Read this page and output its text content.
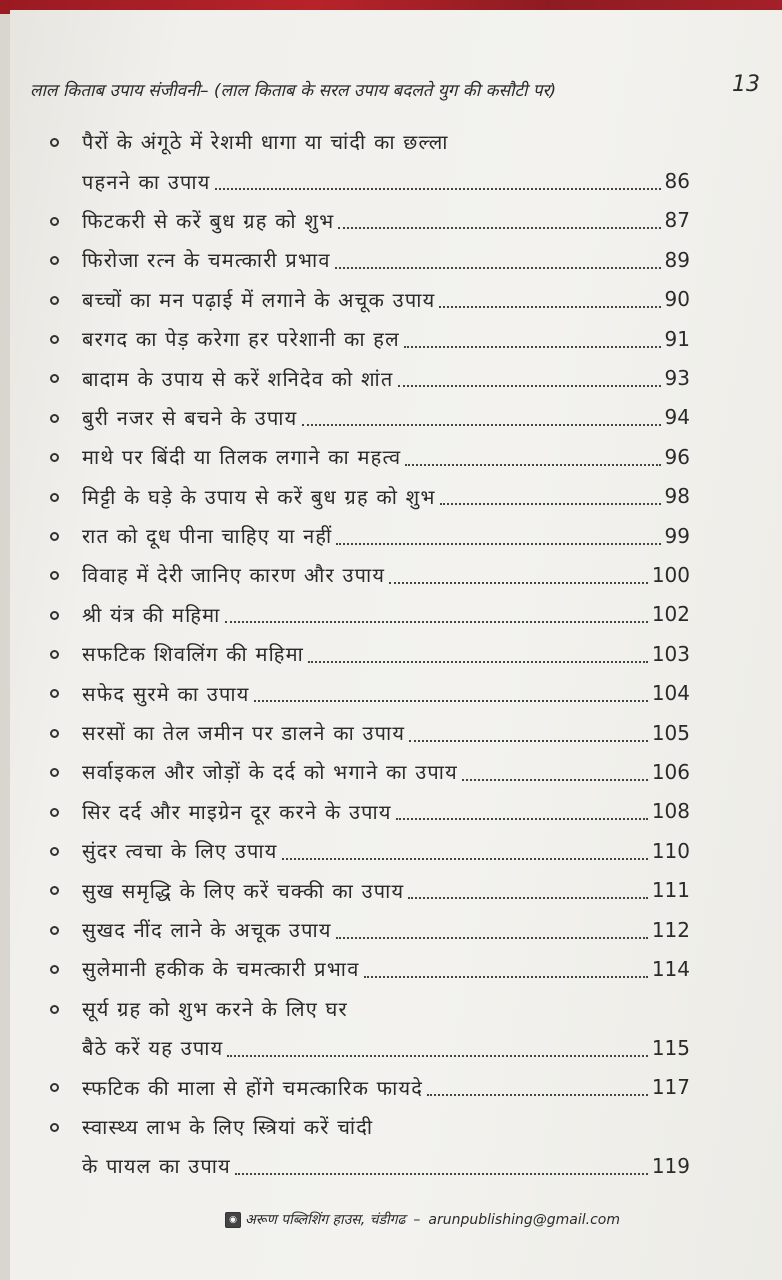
लाल किताब उपाय संजीवनी– (लाल किताब के सरल उपाय बदलते युग की कसौटी पर)	13
पैरों के अंगूठे में रेशमी धागा या चांदी का छल्ला
पहनने का उपाय	86
फिटकरी से करें बुध ग्रह को शुभ	87
फिरोजा रत्न के चमत्कारी प्रभाव	89
बच्चों का मन पढ़ाई में लगाने के अचूक उपाय	90
बरगद का पेड़ करेगा हर परेशानी का हल	91
बादाम के उपाय से करें शनिदेव को शांत	93
बुरी नजर से बचने के उपाय	94
माथे पर बिंदी या तिलक लगाने का महत्व	96
मिट्टी के घड़े के उपाय से करें बुध ग्रह को शुभ	98
रात को दूध पीना चाहिए या नहीं	99
विवाह में देरी जानिए कारण और उपाय	100
श्री यंत्र की महिमा	102
सफटिक शिवलिंग की महिमा	103
सफेद सुरमे का उपाय	104
सरसों का तेल जमीन पर डालने का उपाय	105
सर्वाइकल और जोड़ों के दर्द को भगाने का उपाय	106
सिर दर्द और माइग्रेन दूर करने के उपाय	108
सुंदर त्वचा के लिए उपाय	110
सुख समृद्धि के लिए करें चक्की का उपाय	111
सुखद नींद लाने के अचूक उपाय	112
सुलेमानी हकीक के चमत्कारी प्रभाव	114
सूर्य ग्रह को शुभ करने के लिए घर
बैठे करें यह उपाय	115
स्फटिक की माला से होंगे चमत्कारिक फायदे	117
स्वास्थ्य लाभ के लिए स्त्रियां करें चांदी
के पायल का उपाय	119
◉ अरूण पब्लिशिंग हाउस, चंडीगढ – arunpublishing@gmail.com
